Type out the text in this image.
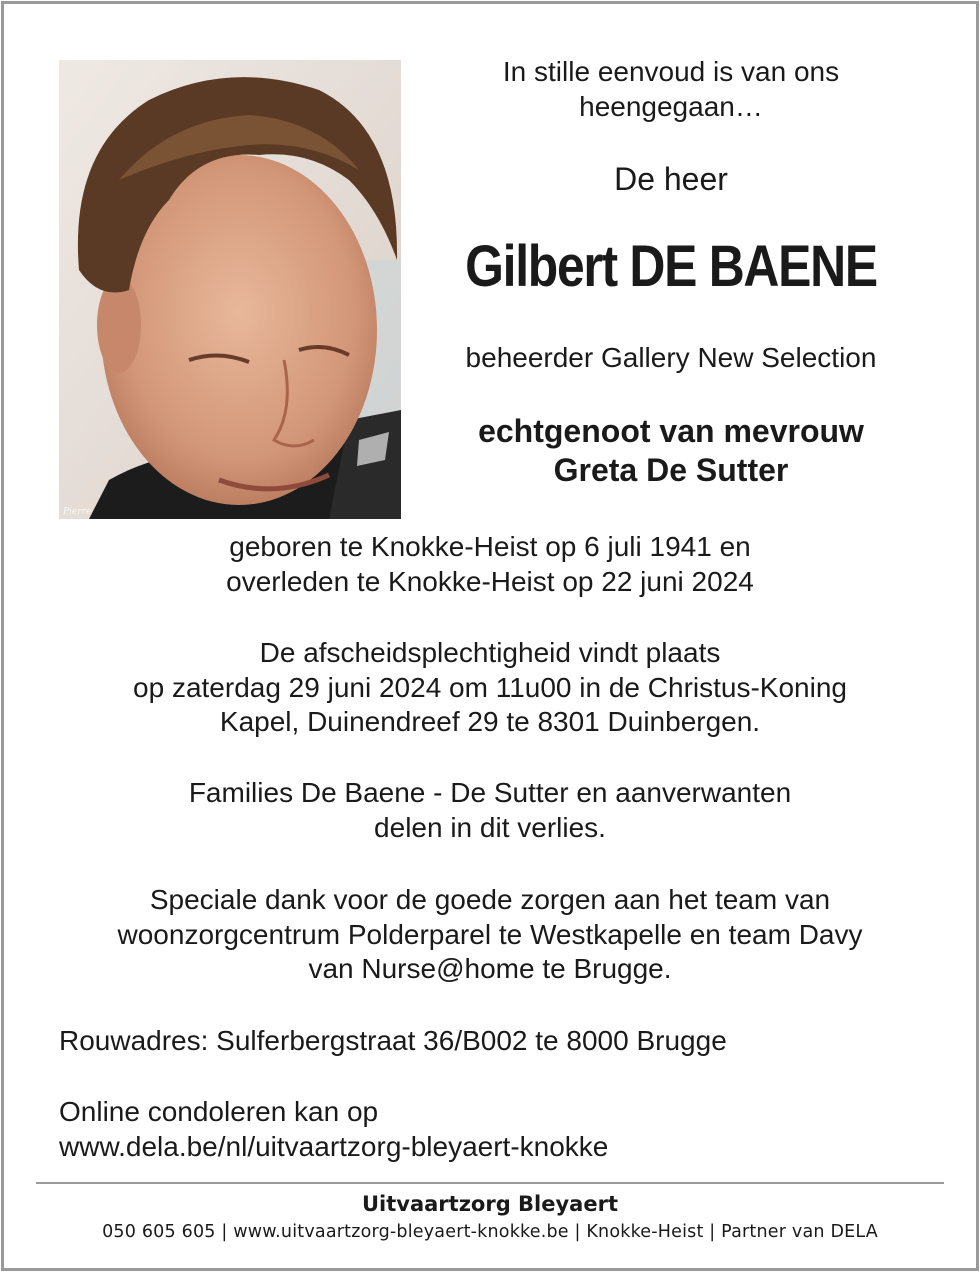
Pierre
In stille eenvoud is van ons
heengegaan…
De heer
Gilbert DE BAENE
beheerder Gallery New Selection
echtgenoot van mevrouw
Greta De Sutter
geboren te Knokke-Heist op 6 juli 1941 en
overleden te Knokke-Heist op 22 juni 2024
De afscheidsplechtigheid vindt plaats
op zaterdag 29 juni 2024 om 11u00 in de Christus-Koning
Kapel, Duinendreef 29 te 8301 Duinbergen.
Families De Baene - De Sutter en aanverwanten
delen in dit verlies.
Speciale dank voor de goede zorgen aan het team van
woonzorgcentrum Polderparel te Westkapelle en team Davy
van Nurse@home te Brugge.
Rouwadres: Sulferbergstraat 36/B002 te 8000 Brugge
Online condoleren kan op
www.dela.be/nl/uitvaartzorg-bleyaert-knokke
Uitvaartzorg Bleyaert
050 605 605 | www.uitvaartzorg-bleyaert-knokke.be | Knokke-Heist | Partner van DELA
